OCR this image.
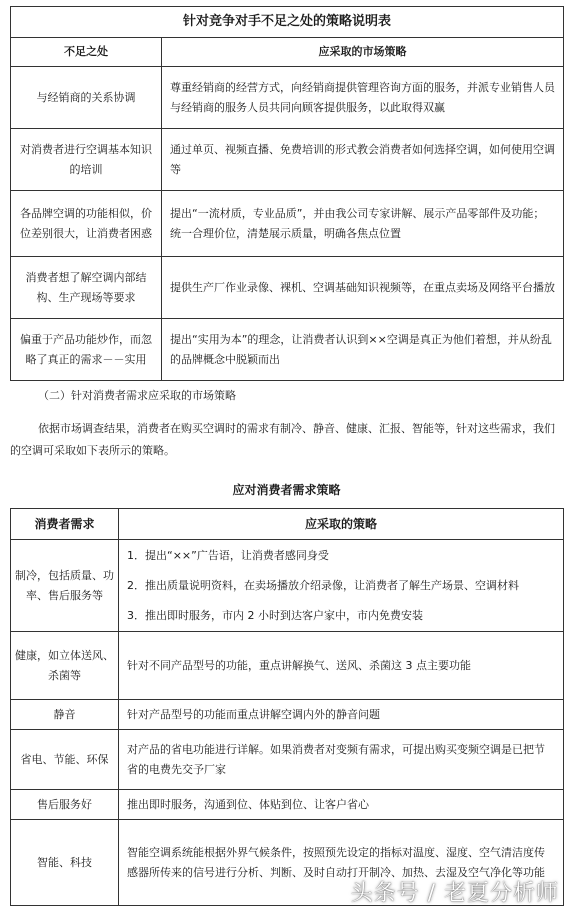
针对竞争对手不足之处的策略说明表	
不足之处	应采取的市场策略
与经销商的关系协调	尊重经销商的经营方式，向经销商提供管理咨询方面的服务，并派专业销售人员与经销商的服务人员共同向顾客提供服务，以此取得双赢
对消费者进行空调基本知识的培训	通过单页、视频直播、免费培训的形式教会消费者如何选择空调，如何使用空调等
各品牌空调的功能相似，价位差别很大，让消费者困惑	提出“一流材质，专业品质”，并由我公司专家讲解、展示产品零部件及功能；统一合理价位，清楚展示质量，明确各焦点位置
消费者想了解空调内部结构、生产现场等要求	提供生产厂作业录像、裸机、空调基础知识视频等，在重点卖场及网络平台播放
偏重于产品功能炒作，而忽略了真正的需求－－实用	提出“实用为本”的理念，让消费者认识到××空调是真正为他们着想，并从纷乱的品牌概念中脱颖而出
（二）针对消费者需求应采取的市场策略
依据市场调查结果，消费者在购买空调时的需求有制冷、静音、健康、汇报、智能等，针对这些需求，我们的空调可采取如下表所示的策略。
应对消费者需求策略
消费者需求	应采取的策略
制冷，包括质量、功率、售后服务等	1．提出“××”广告语，让消费者感同身受
2．推出质量说明资料，在卖场播放介绍录像，让消费者了解生产场景、空调材料
3．推出即时服务，市内 2 小时到达客户家中，市内免费安装

健康，如立体送风、杀菌等	针对不同产品型号的功能，重点讲解换气、送风、杀菌这 3 点主要功能
静音	针对产品型号的功能而重点讲解空调内外的静音问题
省电、节能、环保	对产品的省电功能进行详解。如果消费者对变频有需求，可提出购买变频空调是已把节省的电费先交予厂家
售后服务好	推出即时服务，沟通到位、体贴到位、让客户省心
智能、科技	智能空调系统能根据外界气候条件，按照预先设定的指标对温度、湿度、空气清洁度传感器所传来的信号进行分析、判断、及时自动打开制冷、加热、去湿及空气净化等功能
头条号 / 老夏分析师
